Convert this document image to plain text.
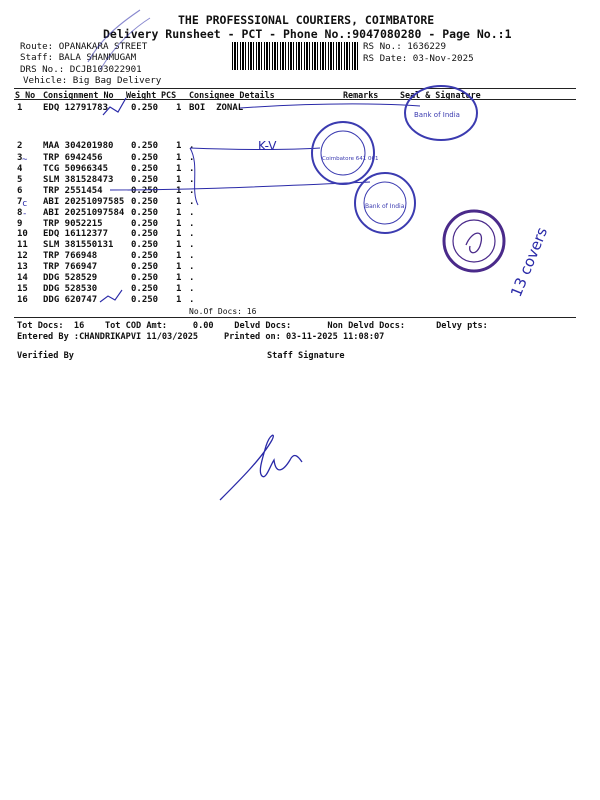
THE PROFESSIONAL COURIERS, COIMBATORE
Delivery Runsheet - PCT - Phone No.:9047080280 - Page No.:1
Route: OPANAKARA STREET
Staff: BALA SHANMUGAM
DRS No.: DCJB103022901
Vehicle: Big Bag Delivery
RS No.: 1636229
RS Date: 03-Nov-2025
S No Consignment No Weight PCS Consignee Details	Remarks	Seal & Signature
1 EDQ 12791783	0.250 1 BOI  ZONAL
2 MAA 304201980 0.250 1 .
3 TRP 6942456	0.250 1 .
4 TCG 50966345	0.250 1 .
5 SLM 381528473 0.250 1 .
6 TRP 2551454	0.250 1 .
7 ABI 20251097585 0.250 1 .
8 ABI 20251097584 0.250 1 .
9 TRP 9052215	0.250 1 .
10 EDQ 16112377	0.250 1 .
11 SLM 381550131 0.250 1 .
12 TRP 766948	0.250 1 .
13 TRP 766947	0.250 1 .
14 DDG 528529	0.250 1 .
15 DDG 528530	0.250 1 .
16 DDG 620747	0.250 1 .
No.Of Docs: 16
Tot Docs:  16    Tot COD Amt:     0.00    Delvd Docs:       Non Delvd Docs:      Delvy pts:
Entered By :CHANDRIKAPVI 11/03/2025     Printed on: 03-11-2025 11:08:07
Verified By	Staff Signature
K-V
~
c
-
Coimbatore 641 001
Bank of India
Bank of India
13 covers
